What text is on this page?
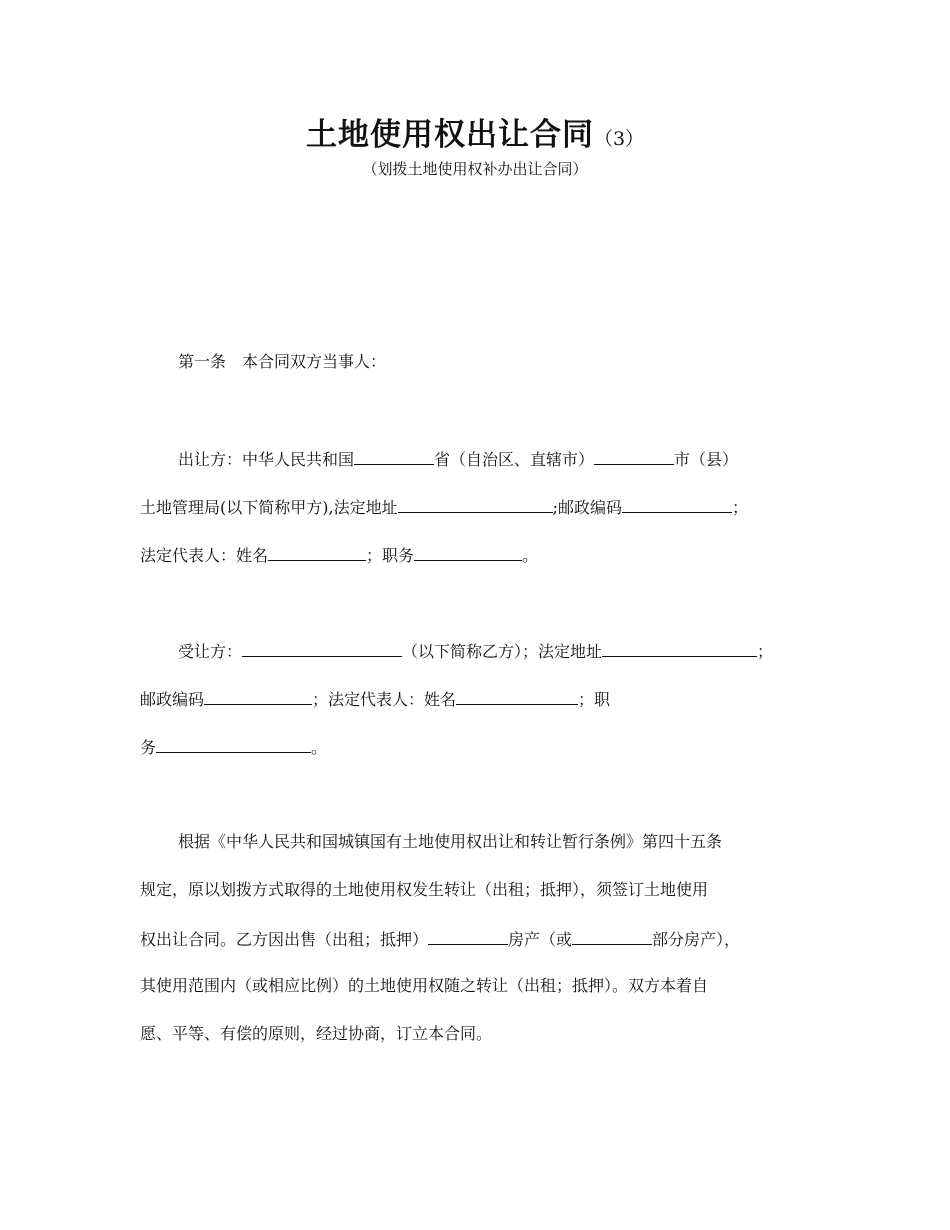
土地使用权出让合同（3）
（划拨土地使用权补办出让合同）
第一条　本合同双方当事人：
出让方：中华人民共和国	省（自治区、直辖市）	市（县）
土地管理局(以下简称甲方),法定地址	;邮政编码	；
法定代表人：姓名	；职务	。
受让方：	（以下简称乙方）；法定地址	；
邮政编码	；法定代表人：姓名	；职
务	。
根据《中华人民共和国城镇国有土地使用权出让和转让暂行条例》第四十五条
规定，原以划拨方式取得的土地使用权发生转让（出租；抵押），须签订土地使用
权出让合同。乙方因出售（出租；抵押）	房产（或	部分房产），
其使用范围内（或相应比例）的土地使用权随之转让（出租；抵押）。双方本着自
愿、平等、有偿的原则，经过协商，订立本合同。
